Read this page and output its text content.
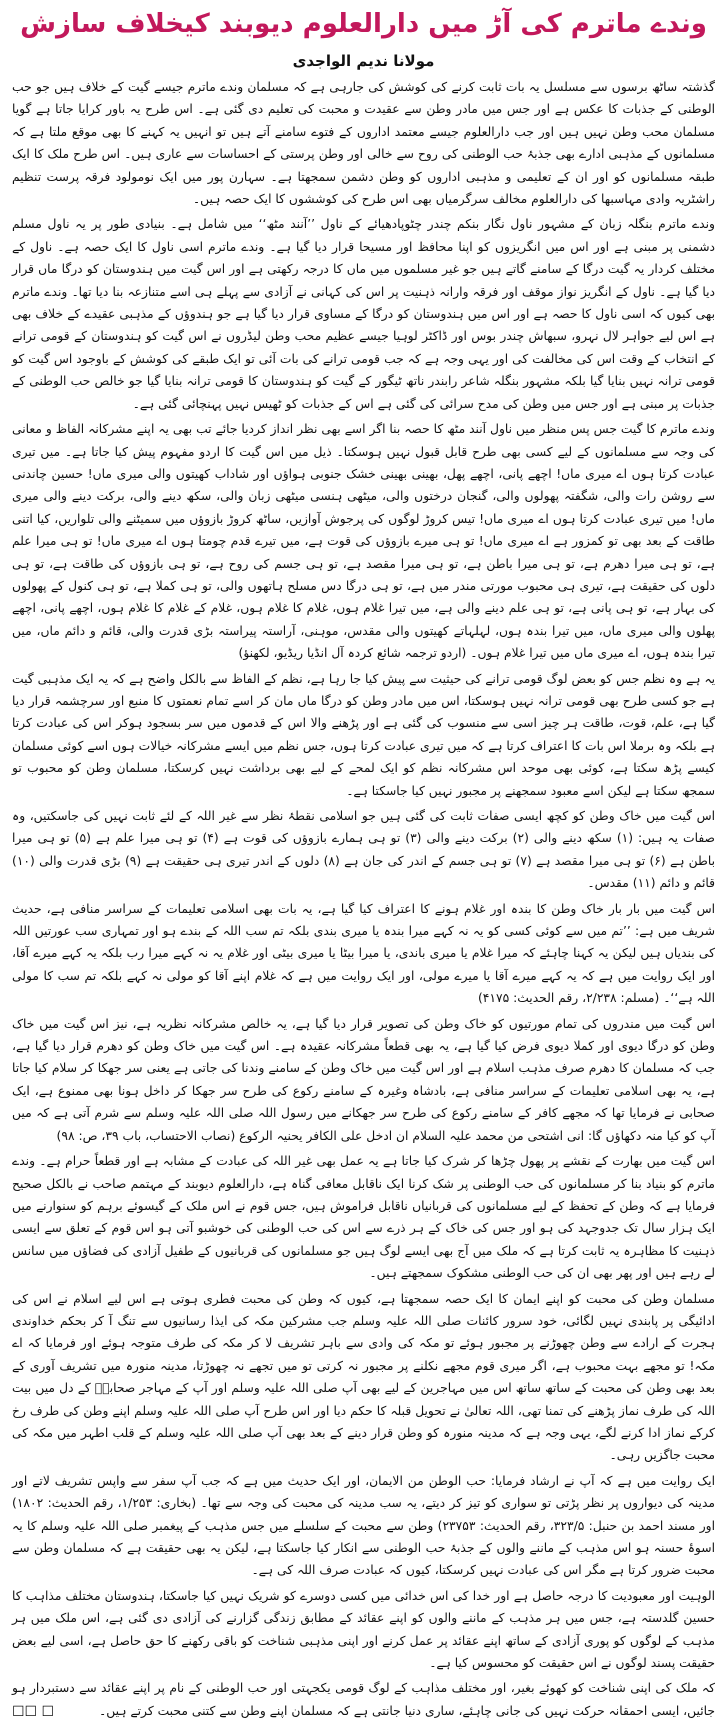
وندے ماترم کی آڑ میں دارالعلوم دیوبند کیخلاف سازش
مولانا ندیم الواجدی

گذشتہ ساٹھ برسوں سے مسلسل یہ بات ثابت کرنے کی کوشش کی جارہی ہے کہ مسلمان وندے ماترم جیسے گیت کے خلاف ہیں جو حب الوطنی کے جذبات کا عکس ہے اور جس میں مادر وطن سے عقیدت و محبت کی تعلیم دی گئی ہے۔ اس طرح یہ باور کرایا جاتا ہے گویا مسلمان محب وطن نہیں ہیں اور جب دارالعلوم جیسے معتمد اداروں کے فتوے سامنے آتے ہیں تو انہیں یہ کہنے کا بھی موقع ملتا ہے کہ مسلمانوں کے مذہبی ادارے بھی جذبۂ حب الوطنی کی روح سے خالی اور وطن پرستی کے احساسات سے عاری ہیں۔ اس طرح ملک کا ایک طبقہ مسلمانوں کو اور ان کے تعلیمی و مذہبی اداروں کو وطن دشمن سمجھتا ہے۔ سہارن پور میں ایک نومولود فرقہ پرست تنظیم راشٹریہ وادی مہاسبھا کی دارالعلوم مخالف سرگرمیاں بھی اس طرح کی کوششوں کا ایک حصہ ہیں۔

وندے ماترم بنگلہ زبان کے مشہور ناول نگار بنکم چندر چٹوپادھیائے کے ناول ’’آنند مٹھ‘‘ میں شامل ہے۔ بنیادی طور پر یہ ناول مسلم دشمنی پر مبنی ہے اور اس میں انگریزوں کو اپنا محافظ اور مسیحا قرار دیا گیا ہے۔ وندے ماترم اسی ناول کا ایک حصہ ہے۔ ناول کے مختلف کردار یہ گیت درگا کے سامنے گاتے ہیں جو غیر مسلموں میں ماں کا درجہ رکھتی ہے اور اس گیت میں ہندوستان کو درگا ماں قرار دیا گیا ہے۔ ناول کے انگریز نواز موقف اور فرقہ وارانہ ذہنیت پر اس کی کہانی نے آزادی سے پہلے ہی اسے متنازعہ بنا دیا تھا۔ وندے ماترم بھی کیوں کہ اسی ناول کا حصہ ہے اور اس میں ہندوستان کو درگا کے مساوی قرار دیا گیا ہے جو ہندوؤں کے مذہبی عقیدے کے خلاف بھی ہے اس لیے جواہر لال نہرو، سبھاش چندر بوس اور ڈاکٹر لوہیا جیسے عظیم محب وطن لیڈروں نے اس گیت کو ہندوستان کے قومی ترانے کے انتخاب کے وقت اس کی مخالفت کی اور یہی وجہ ہے کہ جب قومی ترانے کی بات آئی تو ایک طبقے کی کوشش کے باوجود اس گیت کو قومی ترانہ نہیں بنایا گیا بلکہ مشہور بنگلہ شاعر رابندر ناتھ ٹیگور کے گیت کو ہندوستان کا قومی ترانہ بنایا گیا جو خالص حب الوطنی کے جذبات پر مبنی ہے اور جس میں وطن کی مدح سرائی کی گئی ہے اس کے جذبات کو ٹھیس نہیں پہنچائی گئی ہے۔

وندے ماترم کا گیت جس پس منظر میں ناول آنند مٹھ کا حصہ بنا اگر اسے بھی نظر انداز کردیا جائے تب بھی یہ اپنے مشرکانہ الفاظ و معانی کی وجہ سے مسلمانوں کے لیے کسی بھی طرح قابل قبول نہیں ہوسکتا۔ ذیل میں اس گیت کا اردو مفہوم پیش کیا جاتا ہے۔ میں تیری عبادت کرتا ہوں اے میری ماں! اچھے پانی، اچھے پھل، بھینی بھینی خشک جنوبی ہواؤں اور شاداب کھیتوں والی میری ماں! حسین چاندنی سے روشن رات والی، شگفتہ پھولوں والی، گنجان درختوں والی، میٹھی ہنسی میٹھی زبان والی، سکھ دینے والی، برکت دینے والی میری ماں! میں تیری عبادت کرتا ہوں اے میری ماں! تیس کروڑ لوگوں کی پرجوش آوازیں، ساٹھ کروڑ بازوؤں میں سمیٹنے والی تلواریں، کیا اتنی طاقت کے بعد بھی تو کمزور ہے اے میری ماں! تو ہی میرے بازوؤں کی قوت ہے، میں تیرے قدم چومتا ہوں اے میری ماں! تو ہی میرا علم ہے، تو ہی میرا دھرم ہے، تو ہی میرا باطن ہے، تو ہی میرا مقصد ہے، تو ہی جسم کی روح ہے، تو ہی بازوؤں کی طاقت ہے، تو ہی دلوں کی حقیقت ہے، تیری ہی محبوب مورتی مندر میں ہے، تو ہی درگا دس مسلح ہاتھوں والی، تو ہی کملا ہے، تو ہی کنول کے پھولوں کی بہار ہے، تو ہی پانی ہے، تو ہی علم دینے والی ہے، میں تیرا غلام ہوں، غلام کا غلام ہوں، غلام کے غلام کا غلام ہوں، اچھے پانی، اچھے پھلوں والی میری ماں، میں تیرا بندہ ہوں، لہلہاتے کھیتوں والی مقدس، موہنی، آراستہ پیراستہ بڑی قدرت والی، قائم و دائم ماں، میں تیرا بندہ ہوں، اے میری ماں میں تیرا غلام ہوں۔ (اردو ترجمہ شائع کردہ آل انڈیا ریڈیو، لکھنؤ)

یہ ہے وہ نظم جس کو بعض لوگ قومی ترانے کی حیثیت سے پیش کیا جا رہا ہے، نظم کے الفاظ سے بالکل واضح ہے کہ یہ ایک مذہبی گیت ہے جو کسی طرح بھی قومی ترانہ نہیں ہوسکتا، اس میں مادر وطن کو درگا ماں مان کر اسے تمام نعمتوں کا منبع اور سرچشمہ قرار دیا گیا ہے، علم، قوت، طاقت ہر چیز اسی سے منسوب کی گئی ہے اور پڑھنے والا اس کے قدموں میں سر بسجود ہوکر اس کی عبادت کرتا ہے بلکہ وہ برملا اس بات کا اعتراف کرتا ہے کہ میں تیری عبادت کرتا ہوں، جس نظم میں ایسے مشرکانہ خیالات ہوں اسے کوئی مسلمان کیسے پڑھ سکتا ہے، کوئی بھی موحد اس مشرکانہ نظم کو ایک لمحے کے لیے بھی برداشت نہیں کرسکتا، مسلمان وطن کو محبوب تو سمجھ سکتا ہے لیکن اسے معبود سمجھنے پر مجبور نہیں کیا جاسکتا ہے۔

اس گیت میں خاک وطن کو کچھ ایسی صفات ثابت کی گئی ہیں جو اسلامی نقطۂ نظر سے غیر اللہ کے لئے ثابت نہیں کی جاسکتیں، وہ صفات یہ ہیں: (۱) سکھ دینے والی (۲) برکت دینے والی (۳) تو ہی ہمارے بازوؤں کی قوت ہے (۴) تو ہی میرا علم ہے (۵) تو ہی میرا باطن ہے (۶) تو ہی میرا مقصد ہے (۷) تو ہی جسم کے اندر کی جان ہے (۸) دلوں کے اندر تیری ہی حقیقت ہے (۹) بڑی قدرت والی (۱۰) قائم و دائم (۱۱) مقدس۔

اس گیت میں بار بار خاک وطن کا بندہ اور غلام ہونے کا اعتراف کیا گیا ہے، یہ بات بھی اسلامی تعلیمات کے سراسر منافی ہے، حدیث شریف میں ہے: ’’تم میں سے کوئی کسی کو یہ نہ کہے میرا بندہ یا میری بندی بلکہ تم سب اللہ کے بندے ہو اور تمہاری سب عورتیں اللہ کی بندیاں ہیں لیکن یہ کہنا چاہئے کہ میرا غلام یا میری باندی، یا میرا بیٹا یا میری بیٹی اور غلام یہ نہ کہے میرا رب بلکہ یہ کہے میرے آقا، اور ایک روایت میں ہے کہ یہ کہے میرے آقا یا میرے مولی، اور ایک روایت میں ہے کہ غلام اپنے آقا کو مولی نہ کہے بلکہ تم سب کا مولی اللہ ہے‘‘۔ (مسلم: ۲/۲۳۸، رقم الحدیث: ۴۱۷۵)

اس گیت میں مندروں کی تمام مورتیوں کو خاک وطن کی تصویر قرار دیا گیا ہے، یہ خالص مشرکانہ نظریہ ہے، نیز اس گیت میں خاک وطن کو درگا دیوی اور کملا دیوی فرض کیا گیا ہے، یہ بھی قطعاً مشرکانہ عقیدہ ہے۔ اس گیت میں خاک وطن کو دھرم قرار دیا گیا ہے، جب کہ مسلمان کا دھرم صرف مذہب اسلام ہے اور اس گیت میں خاک وطن کے سامنے وندنا کی جاتی ہے یعنی سر جھکا کر سلام کیا جاتا ہے، یہ بھی اسلامی تعلیمات کے سراسر منافی ہے، بادشاہ وغیرہ کے سامنے رکوع کی طرح سر جھکا کر داخل ہونا بھی ممنوع ہے، ایک صحابی نے فرمایا تھا کہ مجھے کافر کے سامنے رکوع کی طرح سر جھکانے میں رسول اللہ صلی اللہ علیہ وسلم سے شرم آتی ہے کہ میں آپ کو کیا منہ دکھاؤں گا: انی اشتحی من محمد علیہ السلام ان ادخل علی الکافر یحنیہ الرکوع (نصاب الاحتساب، باب ۳۹، ص: ۹۸)

اس گیت میں بھارت کے نقشے پر پھول چڑھا کر شرک کیا جاتا ہے یہ عمل بھی غیر اللہ کی عبادت کے مشابہ ہے اور قطعاً حرام ہے۔ وندے ماترم کو بنیاد بنا کر مسلمانوں کی حب الوطنی پر شک کرنا ایک ناقابل معافی گناہ ہے، دارالعلوم دیوبند کے مہتمم صاحب نے بالکل صحیح فرمایا ہے کہ وطن کے تحفظ کے لیے مسلمانوں کی قربانیاں ناقابل فراموش ہیں، جس قوم نے اس ملک کے گیسوئے برہم کو سنوارنے میں ایک ہزار سال تک جدوجہد کی ہو اور جس کی خاک کے ہر ذرے سے اس کی حب الوطنی کی خوشبو آتی ہو اس قوم کے تعلق سے ایسی ذہنیت کا مظاہرہ یہ ثابت کرتا ہے کہ ملک میں آج بھی ایسے لوگ ہیں جو مسلمانوں کی قربانیوں کے طفیل آزادی کی فضاؤں میں سانس لے رہے ہیں اور پھر بھی ان کی حب الوطنی مشکوک سمجھتے ہیں۔

مسلمان وطن کی محبت کو اپنے ایمان کا ایک حصہ سمجھتا ہے، کیوں کہ وطن کی محبت فطری ہوتی ہے اس لیے اسلام نے اس کی ادائیگی پر پابندی نہیں لگائی، خود سرور کائنات صلی اللہ علیہ وسلم جب مشرکین مکہ کی ایذا رسانیوں سے تنگ آ کر بحکم خداوندی ہجرت کے ارادے سے وطن چھوڑنے پر مجبور ہوئے تو مکہ کی وادی سے باہر تشریف لا کر مکہ کی طرف متوجہ ہوئے اور فرمایا کہ اے مکہ! تو مجھے بہت محبوب ہے، اگر میری قوم مجھے نکلنے پر مجبور نہ کرتی تو میں تجھے نہ چھوڑتا، مدینہ منورہ میں تشریف آوری کے بعد بھی وطن کی محبت کے ساتھ ساتھ اس میں مہاجرین کے لیے بھی آپ صلی اللہ علیہ وسلم اور آپ کے مہاجر صحابہؓ کے دل میں بیت اللہ کی طرف نماز پڑھنے کی تمنا تھی، اللہ تعالیٰ نے تحویل قبلہ کا حکم دیا اور اس طرح آپ صلی اللہ علیہ وسلم اپنے وطن کی طرف رخ کرکے نماز ادا کرنے لگے، یہی وجہ ہے کہ مدینہ منورہ کو وطن قرار دینے کے بعد بھی آپ صلی اللہ علیہ وسلم کے قلب اطہر میں مکہ کی محبت جاگزیں رہی۔

ایک روایت میں ہے کہ آپ نے ارشاد فرمایا: حب الوطن من الایمان، اور ایک حدیث میں ہے کہ جب آپ سفر سے واپس تشریف لاتے اور مدینہ کی دیواروں پر نظر پڑتی تو سواری کو تیز کر دیتے، یہ سب مدینہ کی محبت کی وجہ سے تھا۔ (بخاری: ۱/۲۵۳، رقم الحدیث: ۱۸۰۲) اور مسند احمد بن حنبل: ۳۲۳/۵، رقم الحدیث: ۲۳۷۵۳) وطن سے محبت کے سلسلے میں جس مذہب کے پیغمبر صلی اللہ علیہ وسلم کا یہ اسوۂ حسنہ ہو اس مذہب کے ماننے والوں کے جذبۂ حب الوطنی سے انکار کیا جاسکتا ہے، لیکن یہ بھی حقیقت ہے کہ مسلمان وطن سے محبت ضرور کرتا ہے مگر اس کی عبادت نہیں کرسکتا، کیوں کہ عبادت صرف اللہ کی ہے۔

الوہیت اور معبودیت کا درجہ حاصل ہے اور خدا کی اس خدائی میں کسی دوسرے کو شریک نہیں کیا جاسکتا، ہندوستان مختلف مذاہب کا حسین گلدستہ ہے، جس میں ہر مذہب کے ماننے والوں کو اپنے عقائد کے مطابق زندگی گزارنے کی آزادی دی گئی ہے، اس ملک میں ہر مذہب کے لوگوں کو پوری آزادی کے ساتھ اپنے عقائد پر عمل کرنے اور اپنی مذہبی شناخت کو باقی رکھنے کا حق حاصل ہے، اسی لیے بعض حقیقت پسند لوگوں نے اس حقیقت کو محسوس کیا ہے۔

کہ ملک کی اپنی شناخت کو کھوئے بغیر، اور مختلف مذاہب کے لوگ قومی یکجہتی اور حب الوطنی کے نام پر اپنے عقائد سے دستبردار ہو جائیں، ایسی احمقانہ حرکت نہیں کی جانی چاہئے، ساری دنیا جانتی ہے کہ مسلمان اپنے وطن سے کتنی محبت کرتے ہیں۔

☐☐ ☐
